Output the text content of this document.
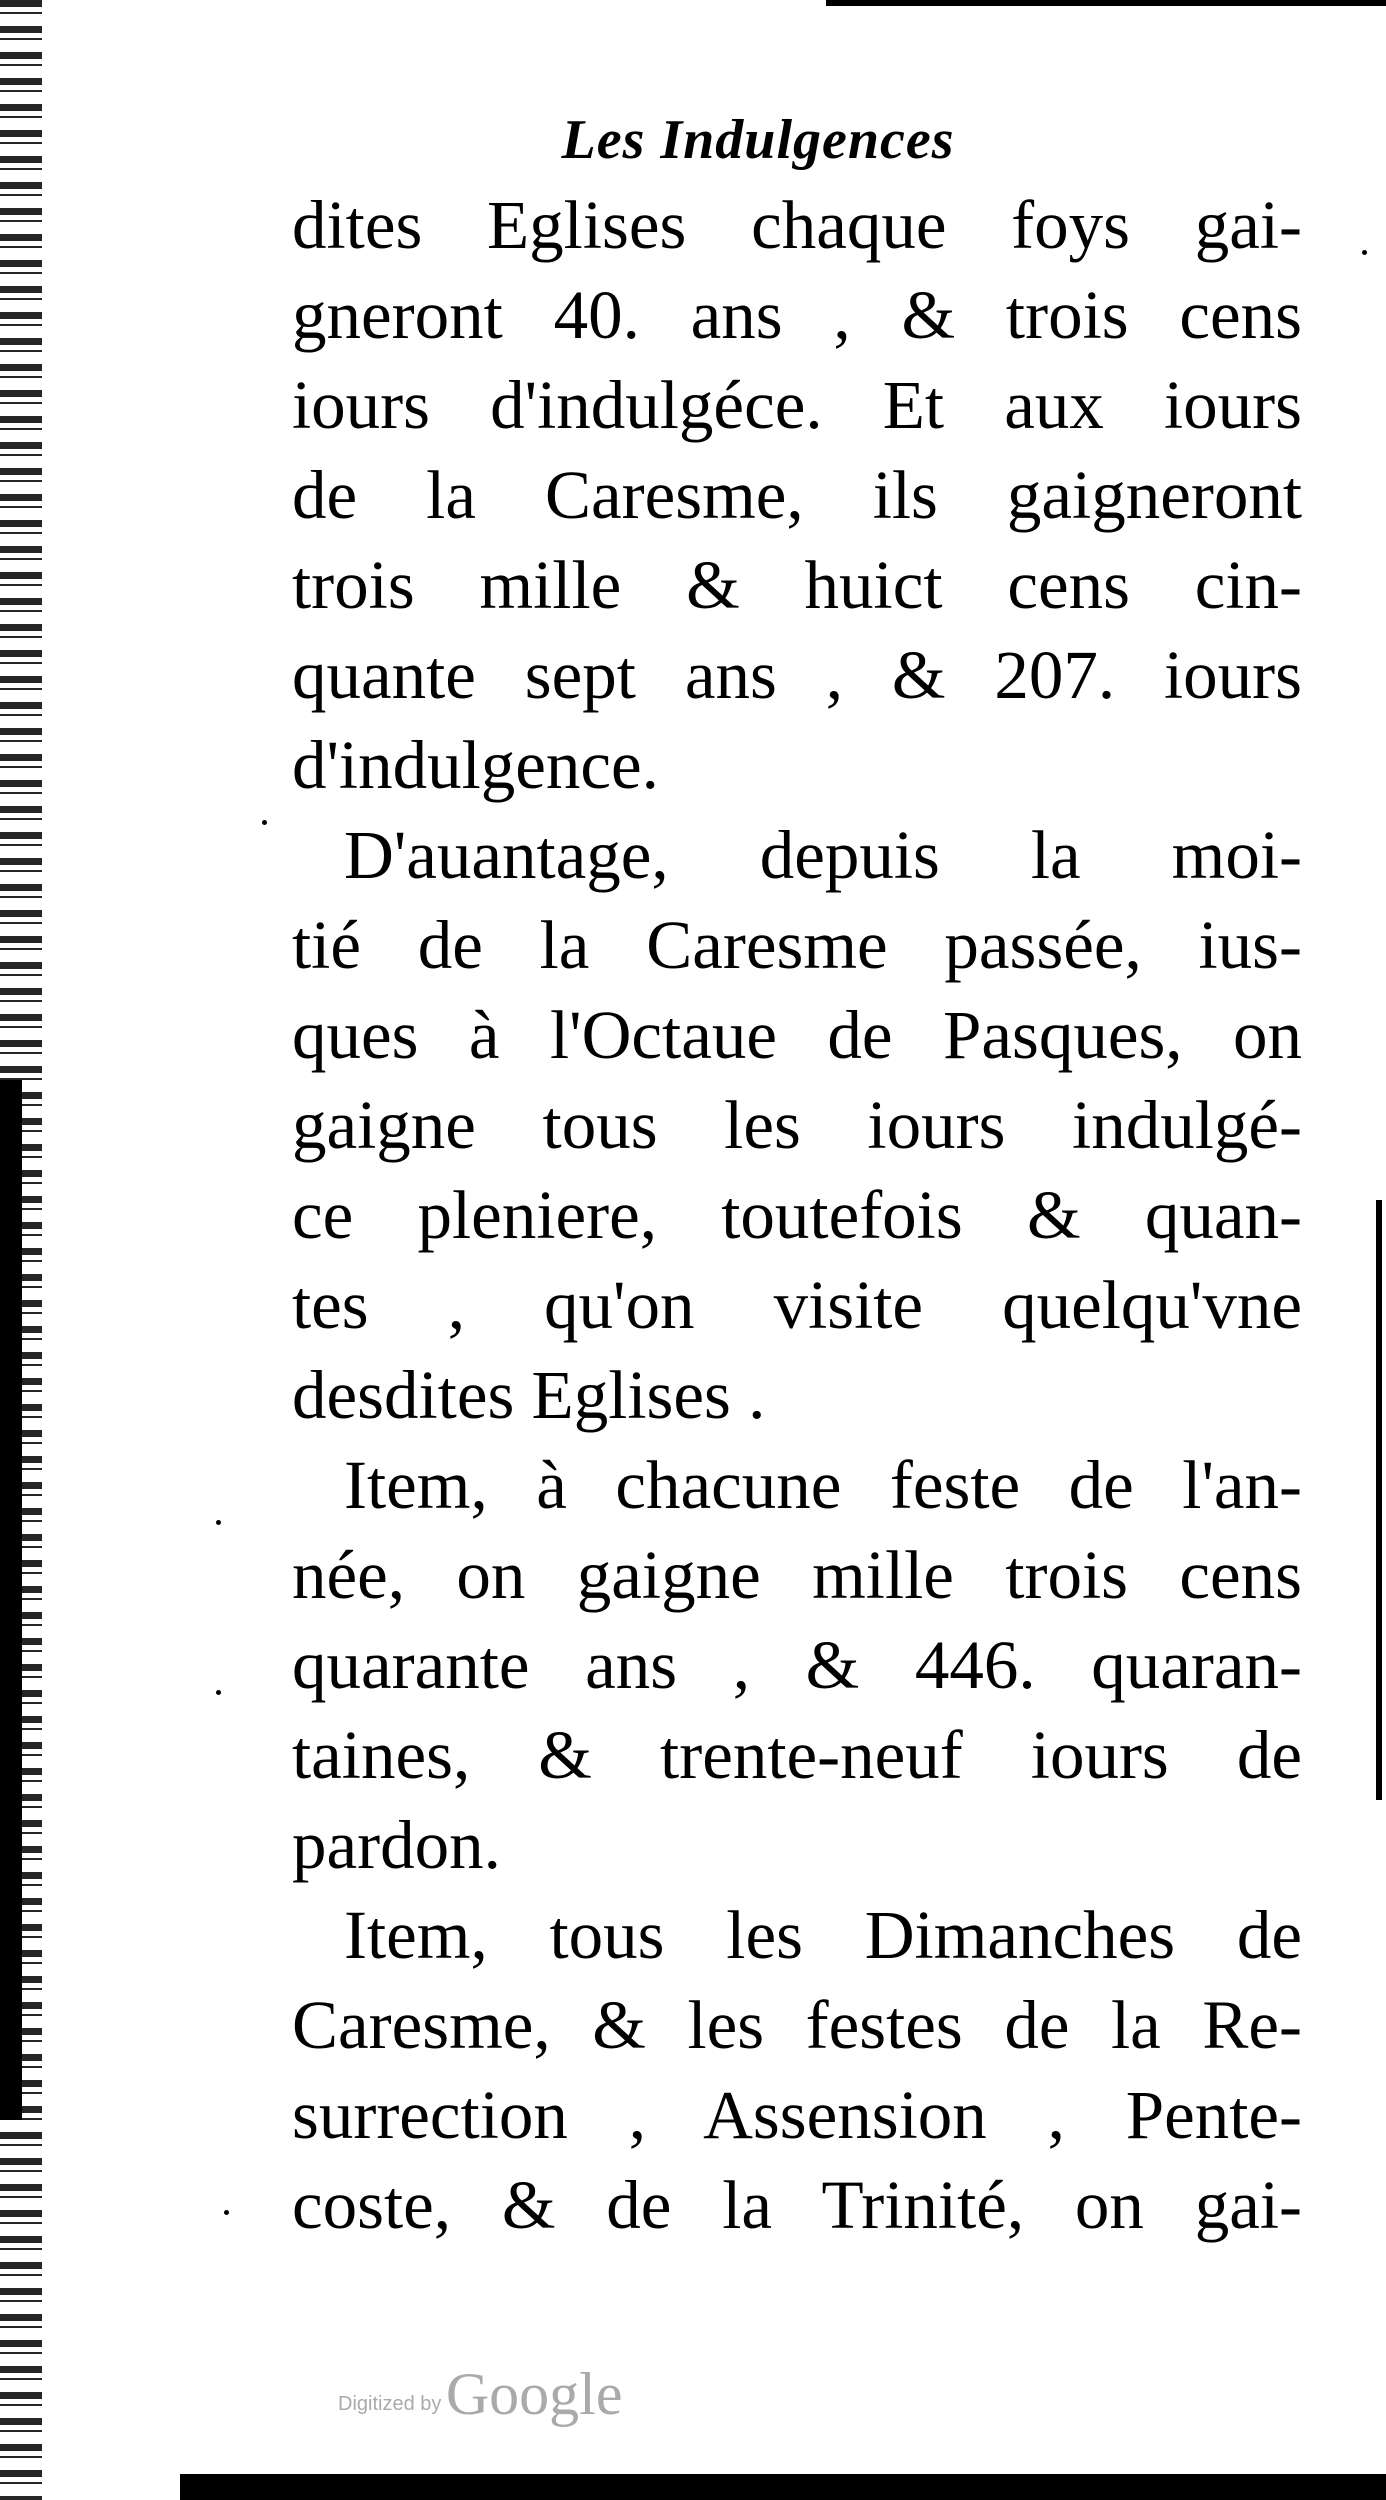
Les Indulgences
dites Eglises chaque foys gai-
gneront 40. ans , & trois cens
iours d'indulgéce. Et aux iours
de la Caresme, ils gaigneront
trois mille & huict cens cin-
quante sept ans , & 207. iours
d'indulgence.
D'auantage, depuis la moi-
tié de la Caresme passée, ius-
ques à l'Octaue de Pasques, on
gaigne tous les iours indulgé-
ce pleniere, toutefois & quan-
tes , qu'on visite quelqu'vne
desdites Eglises .
Item, à chacune feste de l'an-
née, on gaigne mille trois cens
quarante ans , & 446. quaran-
taines, & trente-neuf iours de
pardon.
Item, tous les Dimanches de
Caresme, & les festes de la Re-
surrection , Assension , Pente-
coste, & de la Trinité, on gai-
Digitized by Google
